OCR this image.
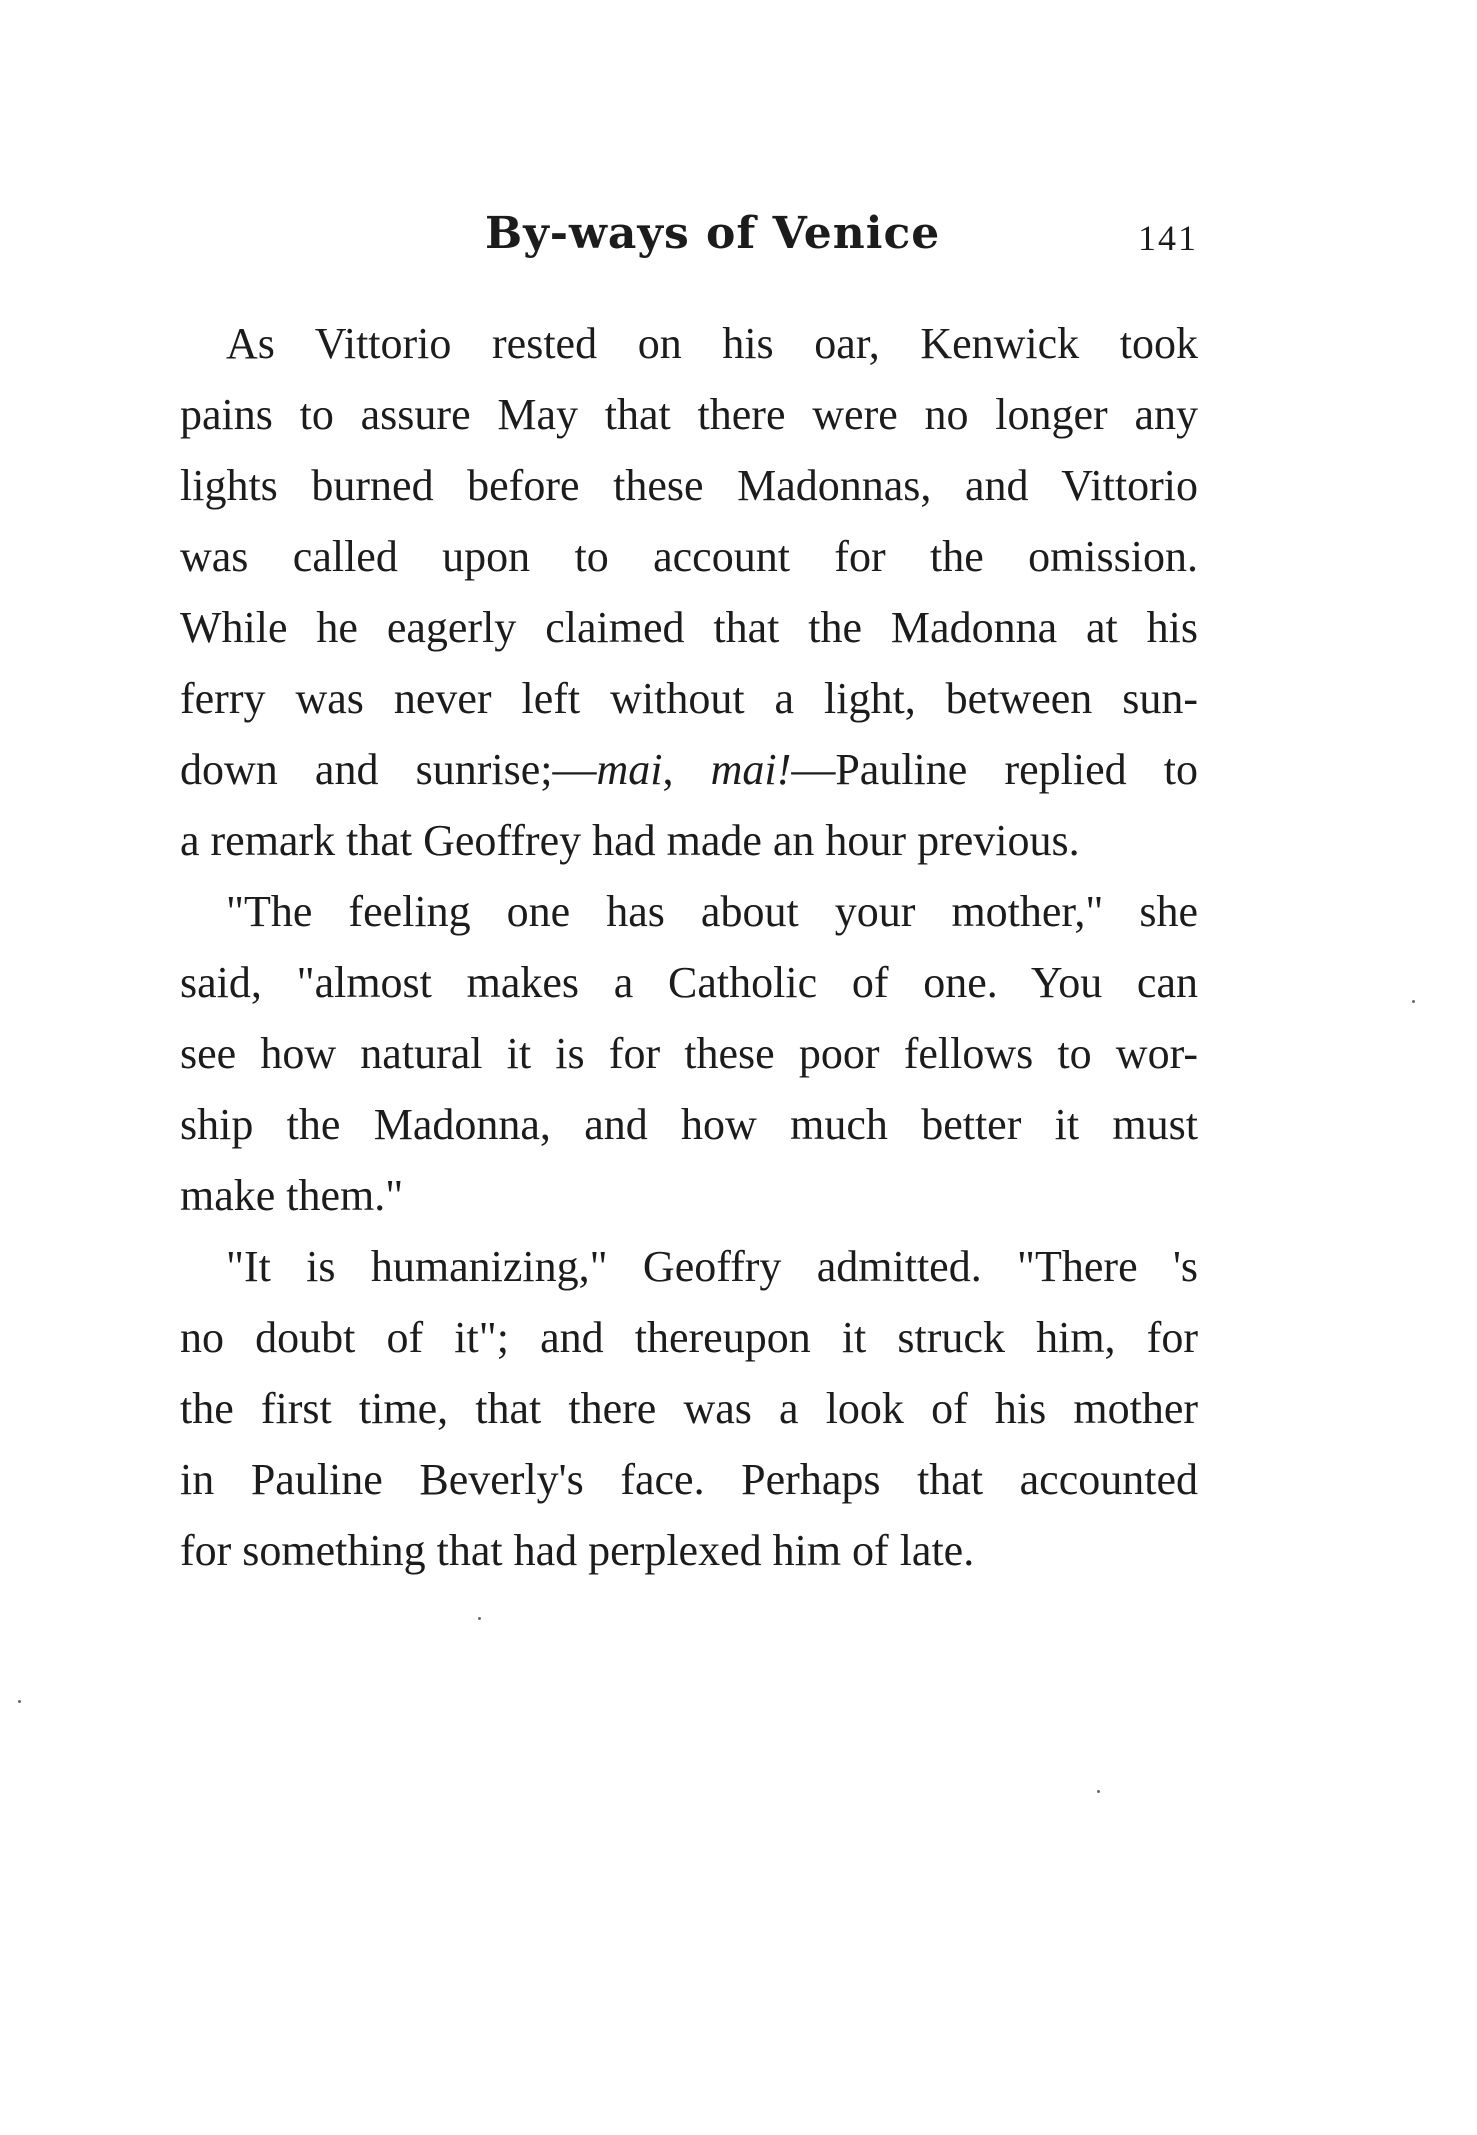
By-ways of Venice	141
As Vittorio rested on his oar, Kenwick took
pains to assure May that there were no longer any
lights burned before these Madonnas, and Vittorio
was called upon to account for the omission.
While he eagerly claimed that the Madonna at his
ferry was never left without a light, between sun-
down and sunrise;—mai, mai!—Pauline replied to
a remark that Geoffrey had made an hour previous.
"The feeling one has about your mother," she
said, "almost makes a Catholic of one. You can
see how natural it is for these poor fellows to wor-
ship the Madonna, and how much better it must
make them."
"It is humanizing," Geoffry admitted. "There 's
no doubt of it"; and thereupon it struck him, for
the first time, that there was a look of his mother
in Pauline Beverly's face. Perhaps that accounted
for something that had perplexed him of late.
